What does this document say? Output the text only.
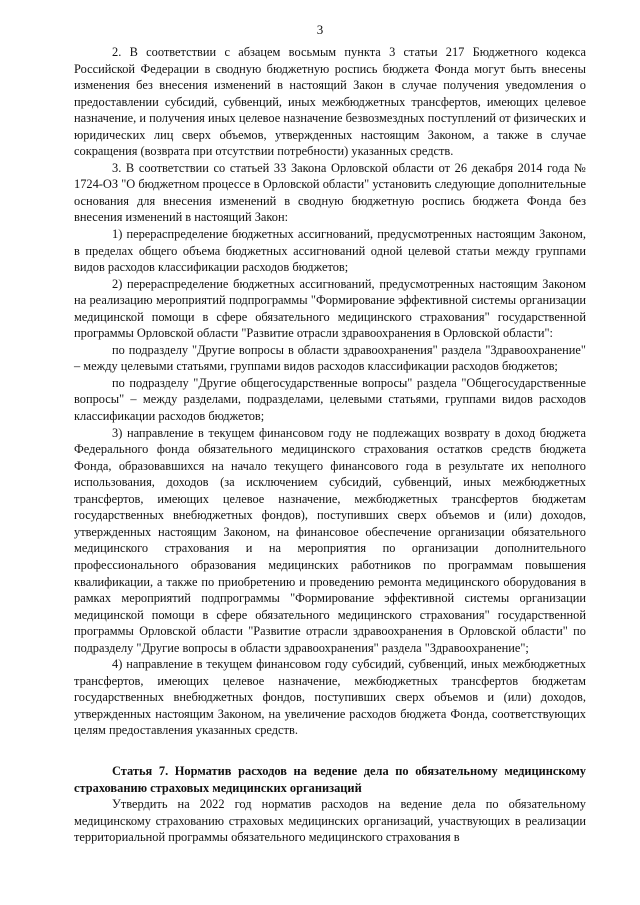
3

2. В соответствии с абзацем восьмым пункта 3 статьи 217 Бюджетного кодекса Российской Федерации в сводную бюджетную роспись бюджета Фонда могут быть внесены изменения без внесения изменений в настоящий Закон в случае получения уведомления о предоставлении субсидий, субвенций, иных межбюджетных трансфертов, имеющих целевое назначение, и получения иных целевое назначение безвозмездных поступлений от физических и юридических лиц сверх объемов, утвержденных настоящим Законом, а также в случае сокращения (возврата при отсутствии потребности) указанных средств.

3. В соответствии со статьей 33 Закона Орловской области от 26 декабря 2014 года № 1724-ОЗ "О бюджетном процессе в Орловской области" установить следующие дополнительные основания для внесения изменений в сводную бюджетную роспись бюджета Фонда без внесения изменений в настоящий Закон:

1) перераспределение бюджетных ассигнований, предусмотренных настоящим Законом, в пределах общего объема бюджетных ассигнований одной целевой статьи между группами видов расходов классификации расходов бюджетов;

2) перераспределение бюджетных ассигнований, предусмотренных настоящим Законом на реализацию мероприятий подпрограммы "Формирование эффективной системы организации медицинской помощи в сфере обязательного медицинского страхования" государственной программы Орловской области "Развитие отрасли здравоохранения в Орловской области":

по подразделу "Другие вопросы в области здравоохранения" раздела "Здравоохранение" – между целевыми статьями, группами видов расходов классификации расходов бюджетов;

по подразделу "Другие общегосударственные вопросы" раздела "Общегосударственные вопросы" – между разделами, подразделами, целевыми статьями, группами видов расходов классификации расходов бюджетов;

3) направление в текущем финансовом году не подлежащих возврату в доход бюджета Федерального фонда обязательного медицинского страхования остатков средств бюджета Фонда, образовавшихся на начало текущего финансового года в результате их неполного использования, доходов (за исключением субсидий, субвенций, иных межбюджетных трансфертов, имеющих целевое назначение, межбюджетных трансфертов бюджетам государственных внебюджетных фондов), поступивших сверх объемов и (или) доходов, утвержденных настоящим Законом, на финансовое обеспечение организации обязательного медицинского страхования и на мероприятия по организации дополнительного профессионального образования медицинских работников по программам повышения квалификации, а также по приобретению и проведению ремонта медицинского оборудования в рамках мероприятий подпрограммы "Формирование эффективной системы организации медицинской помощи в сфере обязательного медицинского страхования" государственной программы Орловской области "Развитие отрасли здравоохранения в Орловской области" по подразделу "Другие вопросы в области здравоохранения" раздела "Здравоохранение";

4) направление в текущем финансовом году субсидий, субвенций, иных межбюджетных трансфертов, имеющих целевое назначение, межбюджетных трансфертов бюджетам государственных внебюджетных фондов, поступивших сверх объемов и (или) доходов, утвержденных настоящим Законом, на увеличение расходов бюджета Фонда, соответствующих целям предоставления указанных средств.

Статья 7. Норматив расходов на ведение дела по обязательному медицинскому страхованию страховых медицинских организаций

Утвердить на 2022 год норматив расходов на ведение дела по обязательному медицинскому страхованию страховых медицинских организаций, участвующих в реализации территориальной программы обязательного медицинского страхования в
